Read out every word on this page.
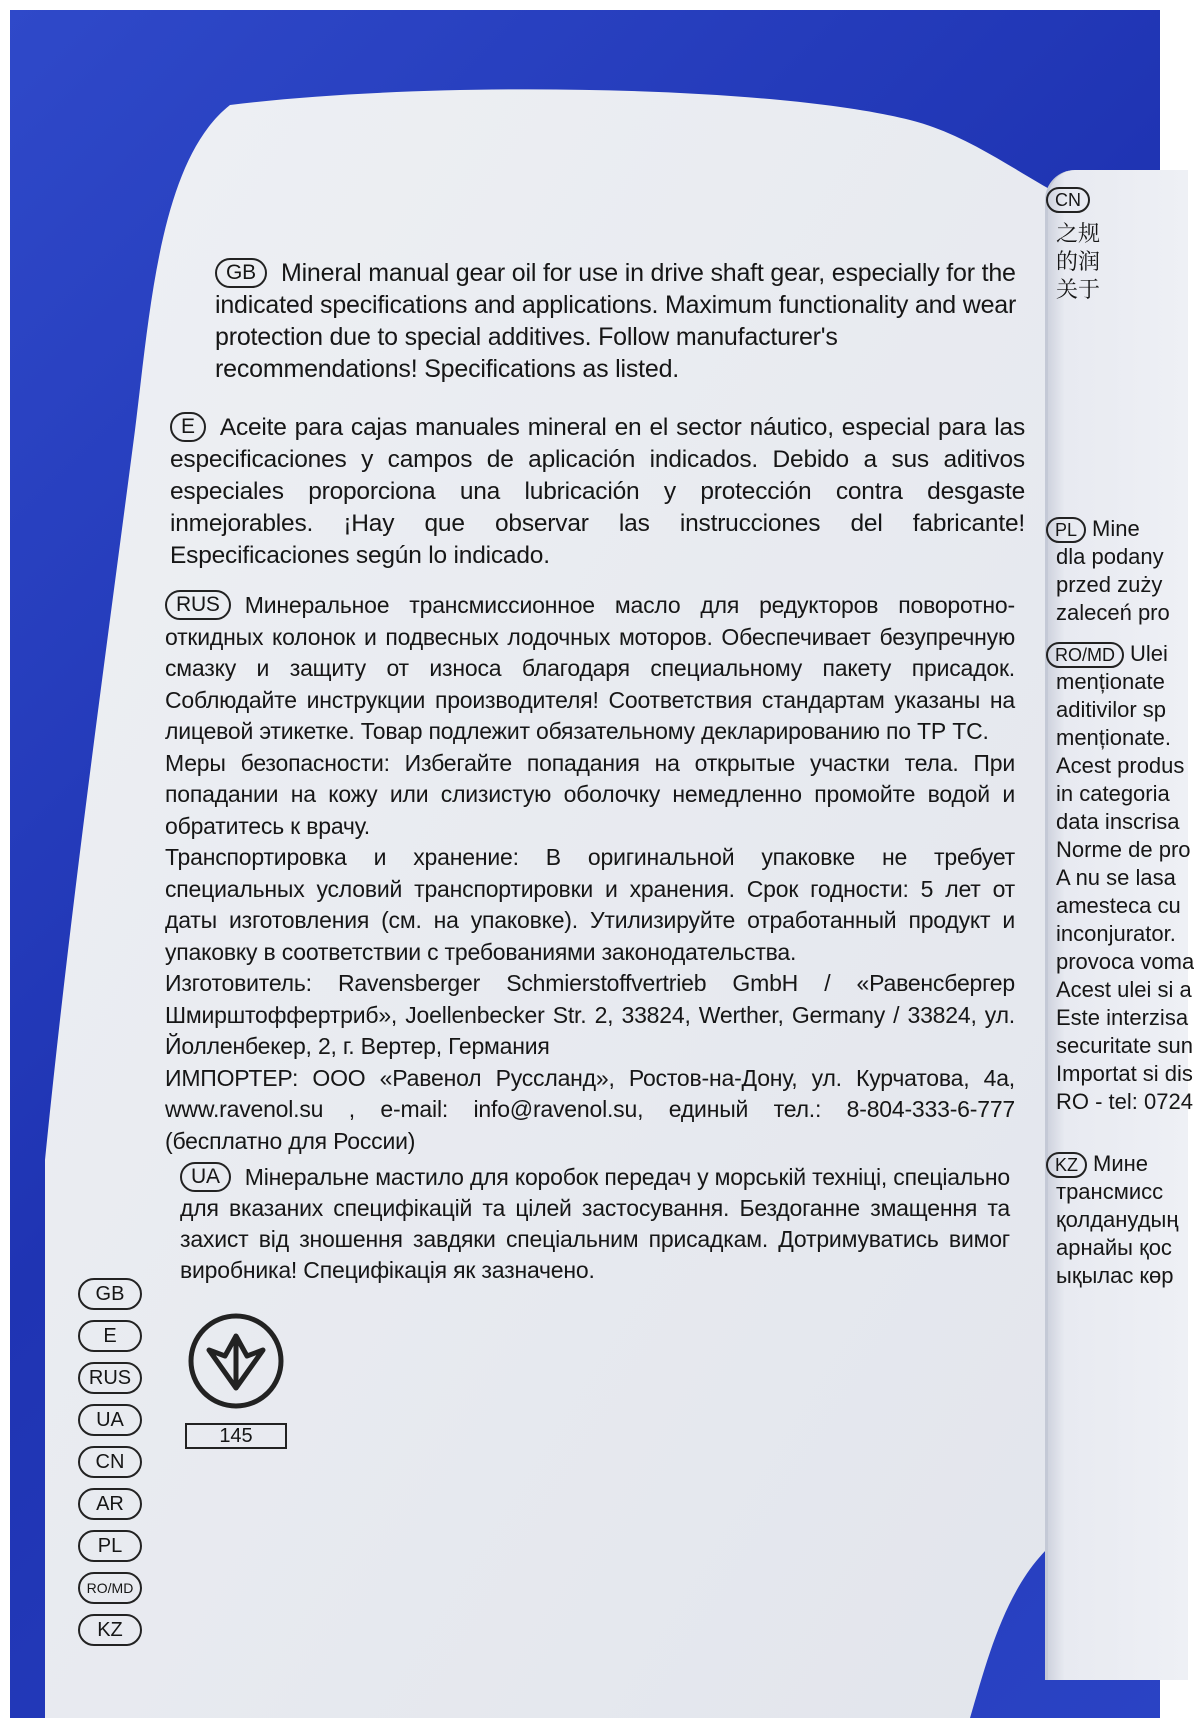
GB Mineral manual gear oil for use in drive shaft gear, especially for the indicated specifications and applications. Maximum functionality and wear protection due to special additives. Follow manufacturer's recommendations! Specifications as listed.
E Aceite para cajas manuales mineral en el sector náutico, especial para las especificaciones y campos de aplicación indicados. Debido a sus aditivos especiales proporciona una lubricación y protección contra desgaste inmejorables. ¡Hay que observar las instrucciones del fabricante! Especificaciones según lo indicado.

RUS Минеральное трансмиссионное масло для редукторов поворотно-откидных колонок и подвесных лодочных моторов. Обеспечивает безупречную смазку и защиту от износа благодаря специальному пакету присадок. Соблюдайте инструкции производителя! Соответствия стандартам указаны на лицевой этикетке. Товар подлежит обязательному декларированию по ТР ТС.

Меры безопасности: Избегайте попадания на открытые участки тела. При попадании на кожу или слизистую оболочку немедленно промойте водой и обратитесь к врачу.

Транспортировка и хранение: В оригинальной упаковке не требует специальных условий транспортировки и хранения. Срок годности: 5 лет от даты изготовления (см. на упаковке). Утилизируйте отработанный продукт и упаковку в соответствии с требованиями законодательства.

Изготовитель: Ravensberger Schmierstoffvertrieb GmbH / «Равенсбергер Шмирштоффертриб», Joellenbecker Str. 2, 33824, Werther, Germany / 33824, ул. Йолленбекер, 2, г. Вертер, Германия

ИМПОРТЕР: ООО «Равенол Руссланд», Ростов-на-Дону, ул. Курчатова, 4а, www.ravenol.su , e-mail: info@ravenol.su, единый тел.: 8-804-333-6-777 (бесплатно для России)

UA Мінеральне мастило для коробок передач у морській техніці, спеціально для вказаних специфікацій та цілей застосування. Бездоганне змащення та захист від зношення завдяки спеціальним присадкам. Дотримуватись вимог виробника! Специфікація як зазначено.
GB
E
RUS
UA
CN
AR
PL
RO/MD
KZ
145
CN
之规
的润
关于
PL Mine
dla podany
przed zuży
zaleceń pro
RO/MD Ulei
menționate
aditivilor sp
menționate.
Acest produs
in categoria
data inscrisa
Norme de pro
A nu se lasa
amesteca cu
inconjurator.
provoca voma
Acest ulei si a
Este interzisa
securitate sun
Importat si dis
RO - tel: 0724
KZ Мине
трансмисс
қолданудың
арнайы қос
ықылас көр
